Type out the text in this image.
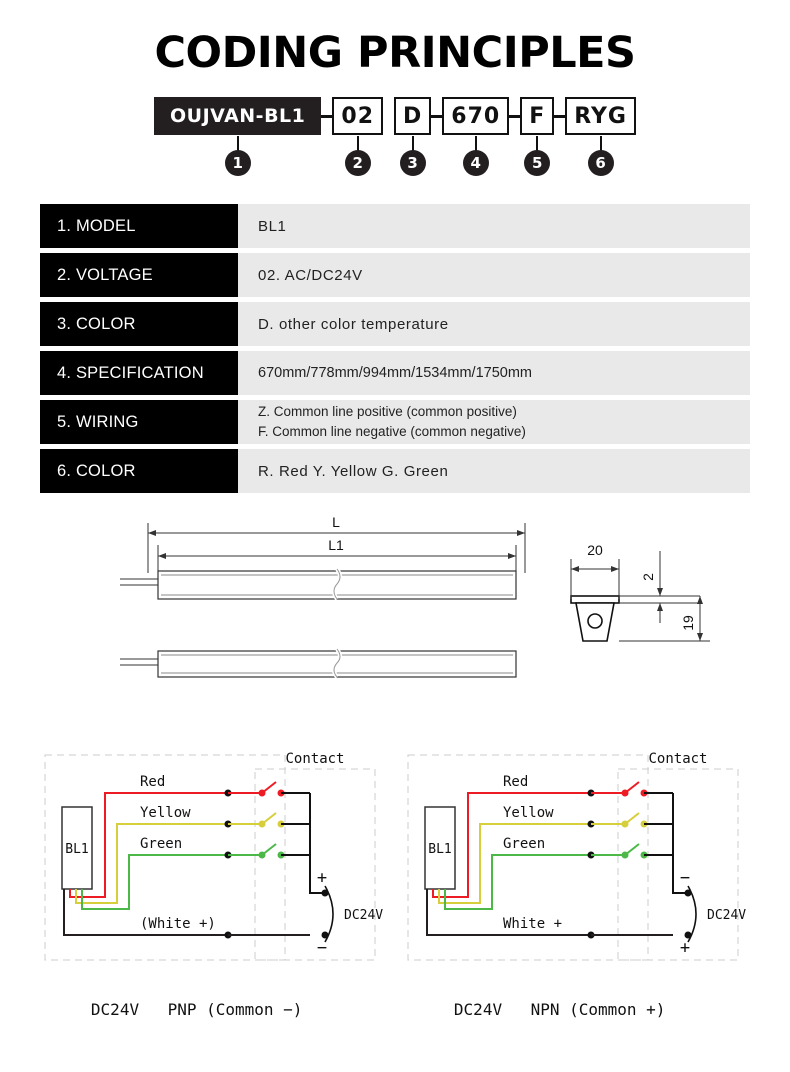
CODING PRINCIPLES
OUJVAN-BL1	02	D	670	F	RYG
1	2	3	4	5	6
1. MODEL	BL1
2. VOLTAGE	02. AC/DC24V
3. COLOR	D. other color temperature
4. SPECIFICATION	670mm/778mm/994mm/1534mm/1750mm
5. WIRING
Z. Common line positive (common positive)
F. Common line negative (common negative)
6. COLOR	R. Red Y. Yellow G. Green
L
L1	20
2
19
BL1
Red
Yellow
Green
(White +)
+
−
DC24V
Contact
BL1
Red
Yellow
Green
White +
−
+
DC24V
Contact
DC24V PNP (Common −)	DC24V NPN (Common +)
